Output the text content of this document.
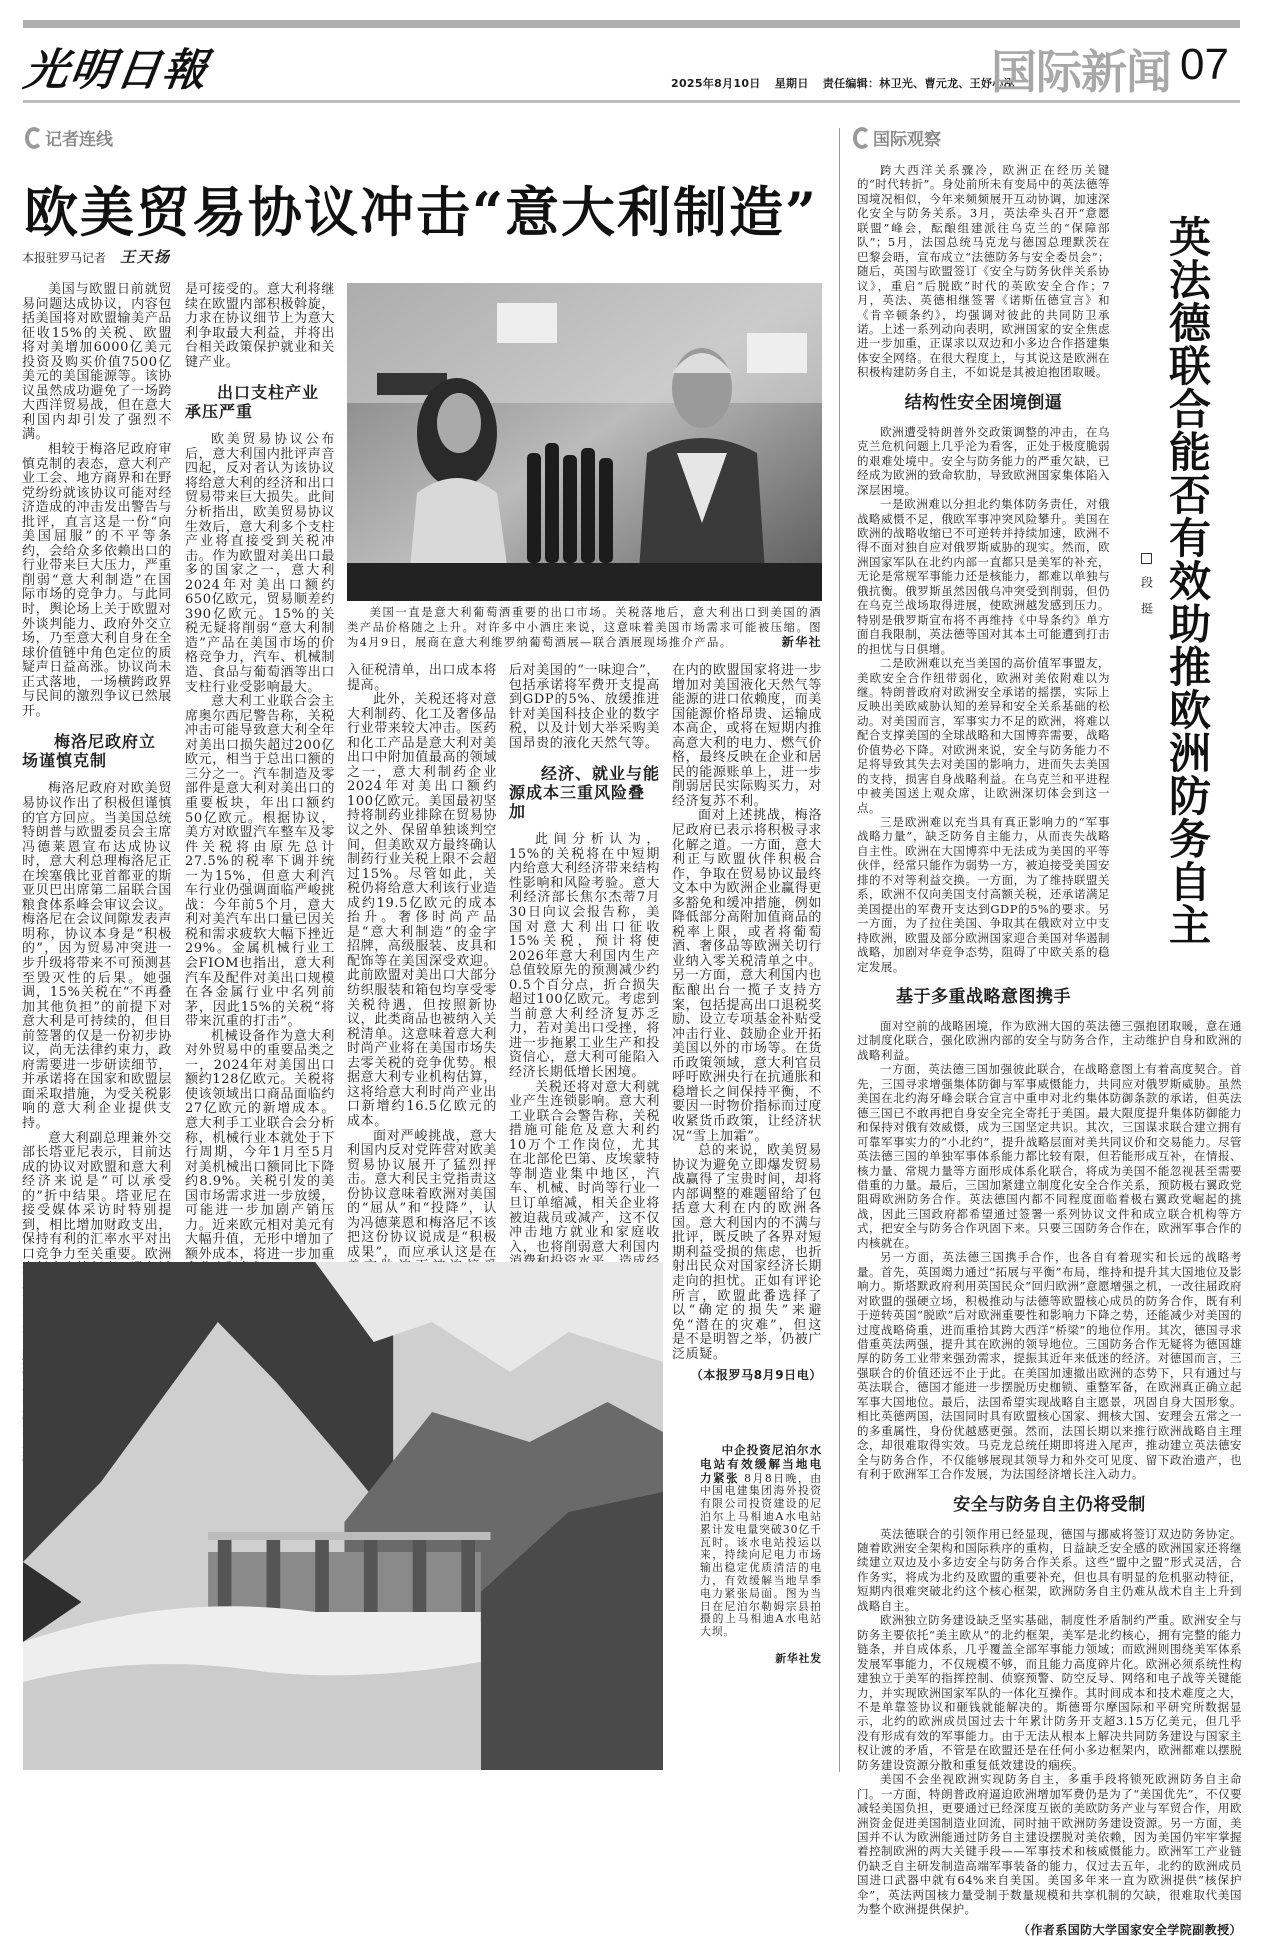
光明日報	2025年8月10日 星期日 责任编辑：林卫光、曹元龙、王妤心泓
国际新闻 07
记者连线	国际观察
欧美贸易协议冲击“意大利制造”
本报驻罗马记者 王天扬
美国一直是意大利葡萄酒重要的出口市场。关税落地后，意大利出口到美国的酒类产品价格随之上升。对许多中小酒庄来说，这意味着美国市场需求可能被压缩。图为4月9日，展商在意大利维罗纳葡萄酒展—联合酒展现场推介产品。	新华社

美国与欧盟日前就贸易问题达成协议，内容包括美国将对欧盟输美产品征收15%的关税、欧盟将对美增加6000亿美元投资及购买价值7500亿美元的美国能源等。该协议虽然成功避免了一场跨大西洋贸易战，但在意大利国内却引发了强烈不满。

相较于梅洛尼政府审慎克制的表态，意大利产业工会、地方商界和在野党纷纷就该协议可能对经济造成的冲击发出警告与批评，直言这是一份“向美国屈服”的不平等条约，会给众多依赖出口的行业带来巨大压力，严重削弱“意大利制造”在国际市场的竞争力。与此同时，舆论场上关于欧盟对外谈判能力、政府外交立场，乃至意大利自身在全球价值链中角色定位的质疑声日益高涨。协议尚未正式落地，一场横跨政界与民间的激烈争议已然展开。

梅洛尼政府立场谨慎克制

梅洛尼政府对欧美贸易协议作出了积极但谨慎的官方回应。当美国总统特朗普与欧盟委员会主席冯德莱恩宣布达成协议时，意大利总理梅洛尼正在埃塞俄比亚首都亚的斯亚贝巴出席第二届联合国粮食体系峰会审议会议。梅洛尼在会议间隙发表声明称，协议本身是“积极的”，因为贸易冲突进一步升级将带来不可预测甚至毁灭性的后果。她强调，15%关税在“不再叠加其他负担”的前提下对意大利是可持续的，但目前签署的仅是一份初步协议，尚无法律约束力，政府需要进一步研读细节，并承诺将在国家和欧盟层面采取措施，为受关税影响的意大利企业提供支持。

意大利副总理兼外交部长塔亚尼表示，目前达成的协议对欧盟和意大利经济来说是“可以承受的”折中结果。塔亚尼在接受媒体采访时特别提到，相比增加财政支出，保持有利的汇率水平对出口竞争力至关重要。欧洲

是可接受的。意大利将继续在欧盟内部积极斡旋，力求在协议细节上为意大利争取最大利益，并将出台相关政策保护就业和关键产业。

出口支柱产业承压严重

欧美贸易协议公布后，意大利国内批评声音四起，反对者认为该协议将给意大利的经济和出口贸易带来巨大损失。此间分析指出，欧美贸易协议生效后，意大利多个支柱产业将直接受到关税冲击。作为欧盟对美出口最多的国家之一，意大利2024年对美出口额约650亿欧元，贸易顺差约390亿欧元。15%的关税无疑将削弱“意大利制造”产品在美国市场的价格竞争力，汽车、机械制造、食品与葡萄酒等出口支柱行业受影响最大。

意大利工业联合会主席奥尔西尼警告称，关税冲击可能导致意大利全年对美出口损失超过200亿欧元，相当于总出口额的三分之一。汽车制造及零部件是意大利对美出口的重要板块，年出口额约50亿欧元。根据协议，美方对欧盟汽车整车及零件关税将由原先总计27.5%的税率下调并统一为15%，但意大利汽车行业仍强调面临严峻挑战：今年前5个月，意大利对美汽车出口量已因关税和需求疲软大幅下挫近29%。金属机械行业工会FIOM也指出，意大利汽车及配件对美出口规模在各金属行业中名列前茅，因此15%的关税“将带来沉重的打击”。

机械设备作为意大利对外贸易中的重要品类之一，2024年对美国出口额约128亿欧元。关税将使该领域出口商品面临约27亿欧元的新增成本。意大利手工业联合会分析称，机械行业本就处于下行周期，今年1月至5月对美机械出口额同比下降约8.9%。关税引发的美国市场需求进一步放缓，可能进一步加剧产销压力。近来欧元相对美元有大幅升值，无形中增加了额外成本，将进一步加重

入征税清单，出口成本将提高。

此外，关税还将对意大利制药、化工及奢侈品行业带来较大冲击。医药和化工产品是意大利对美出口中附加值最高的领域之一，意大利制药企业2024年对美出口额约100亿欧元。美国最初坚持将制药业排除在贸易协议之外、保留单独谈判空间，但美欧双方最终确认制药行业关税上限不会超过15%。尽管如此，关税仍将给意大利该行业造成约19.5亿欧元的成本抬升。奢侈时尚产品是“意大利制造”的金字招牌，高级服装、皮具和配饰等在美国深受欢迎。此前欧盟对美出口大部分纺织服装和箱包均享受零关税待遇，但按照新协议，此类商品也被纳入关税清单。这意味着意大利时尚产业将在美国市场失去零关税的竞争优势。根据意大利专业机构估算，这将给意大利时尚产业出口新增约16.5亿欧元的成本。

面对严峻挑战，意大利国内反对党阵营对欧美贸易协议展开了猛烈抨击。意大利民主党指责这份协议意味着欧洲对美国的“屈从”和“投降”，认为冯德莱恩和梅洛尼不该把这份协议说成是“积极成果”，而应承认这是在

后对美国的“一味迎合”，包括承诺将军费开支提高到GDP的5%、放缓推进针对美国科技企业的数字税，以及计划大举采购美国昂贵的液化天然气等。

经济、就业与能源成本三重风险叠加

此间分析认为，15%的关税将在中短期内给意大利经济带来结构性影响和风险考验。意大利经济部长焦尔杰蒂7月30日向议会报告称，美国对意大利出口征收15%关税，预计将使2026年意大利国内生产总值较原先的预测减少约0.5个百分点，折合损失超过100亿欧元。考虑到当前意大利经济复苏乏力，若对美出口受挫，将进一步拖累工业生产和投资信心，意大利可能陷入经济长期低增长困境。

关税还将对意大利就业产生连锁影响。意大利工业联合会警告称，关税措施可能危及意大利约10万个工作岗位，尤其在北部伦巴第、皮埃蒙特等制造业集中地区，汽车、机械、时尚等行业一旦订单缩减，相关企业将被迫裁员或减产，这不仅冲击地方就业和家庭收入，也将削弱意大利国内

在内的欧盟国家将进一步增加对美国液化天然气等能源的进口依赖度，而美国能源价格昂贵、运输成本高企，或将在短期内推高意大利的电力、燃气价格，最终反映在企业和居民的能源账单上，进一步削弱居民实际购买力，对经济复苏不利。

面对上述挑战，梅洛尼政府已表示将积极寻求化解之道。一方面，意大利正与欧盟伙伴积极合作，争取在贸易协议最终文本中为欧洲企业赢得更多豁免和缓冲措施，例如降低部分高附加值商品的税率上限，或者将葡萄酒、奢侈品等欧洲关切行业纳入零关税清单之中。另一方面，意大利国内也酝酿出台一揽子支持方案，包括提高出口退税奖励、设立专项基金补贴受冲击行业、鼓励企业开拓美国以外的市场等。在货币政策领域，意大利官员呼吁欧洲央行在抗通胀和稳增长之间保持平衡，不要因一时物价指标而过度收紧货币政策，让经济状况“雪上加霜”。

总的来说，欧美贸易协议为避免立即爆发贸易战赢得了宝贵时间，却将内部调整的难题留给了包括意大利在内的欧洲各国。意大利国内的不满与批评，既反映了各界对短期利益受损的焦虑，也折射出民众对国家经济长期走向的担忧。正如有评论所言，欧盟此番选择了以“确定的损失”来避免“潜在的灾难”，但这是不是明智之举，仍被广泛质疑。

（本报罗马8月9日电）

中企投资尼泊尔水电站有效缓解当地电力紧张 8月8日晚，由中国电建集团海外投资有限公司投资建设的尼泊尔上马相迪A水电站累计发电量突破30亿千瓦时。该水电站投运以来，持续向尼电力市场输出稳定优质清洁的电力，有效缓解当地旱季电力紧张局面。图为当日在尼泊尔勒姆宗县拍摄的上马相迪A水电站大坝。
新华社发
段挺 英法德联合能否有效助推欧洲防务自主

跨大西洋关系骤冷，欧洲正在经历关键的“时代转折”。身处前所未有变局中的英法德等国境况相似，今年来频频展开互动协调，加速深化安全与防务关系。3月，英法牵头召开“意愿联盟”峰会，酝酿组建派往乌克兰的“保障部队”；5月，法国总统马克龙与德国总理默茨在巴黎会晤，宣布成立“法德防务与安全委员会”；随后，英国与欧盟签订《安全与防务伙伴关系协议》，重启“后脱欧”时代的英欧安全合作；7月，英法、英德相继签署《诺斯伍德宣言》和《肯辛顿条约》，均强调对彼此的共同防卫承诺。上述一系列动向表明，欧洲国家的安全焦虑进一步加重，正谋求以双边和小多边合作搭建集体安全网络。在很大程度上，与其说这是欧洲在积极构建防务自主，不如说是其被迫抱团取暖。

结构性安全困境倒逼

欧洲遭受特朗普外交政策调整的冲击，在乌克兰危机问题上几乎沦为看客，正处于极度脆弱的艰难处境中。安全与防务能力的严重欠缺，已经成为欧洲的致命软肋，导致欧洲国家集体陷入深层困境。

一是欧洲难以分担北约集体防务责任，对俄战略威慑不足，俄欧军事冲突风险攀升。美国在欧洲的战略收缩已不可逆转并持续加速，欧洲不得不面对独自应对俄罗斯威胁的现实。然而，欧洲国家军队在北约内部一直都只是美军的补充，无论是常规军事能力还是核能力，都难以单独与俄抗衡。俄罗斯虽然因俄乌冲突受到削弱，但仍在乌克兰战场取得进展，使欧洲越发感到压力。特别是俄罗斯宣布将不再维持《中导条约》单方面自我限制，英法德等国对其本土可能遭到打击的担忧与日俱增。

二是欧洲难以充当美国的高价值军事盟友，美欧安全合作纽带弱化，欧洲对美依附难以为继。特朗普政府对欧洲安全承诺的摇摆，实际上反映出美欧威胁认知的差异和安全关系基础的松动。对美国而言，军事实力不足的欧洲，将难以配合支撑美国的全球战略和大国博弈需要，战略价值势必下降。对欧洲来说，安全与防务能力不足将导致其失去对美国的影响力，进而失去美国的支持，损害自身战略利益。在乌克兰和平进程中被美国送上观众席，让欧洲深切体会到这一点。

三是欧洲难以充当具有真正影响力的“军事战略力量”，缺乏防务自主能力，从而丧失战略自主性。欧洲在大国博弈中无法成为美国的平等伙伴，经常只能作为弱势一方，被迫接受美国安排的不对等利益交换。一方面，为了维持联盟关系，欧洲不仅向美国支付高额关税，还承诺满足美国提出的军费开支达到GDP的5%的要求。另一方面，为了拉住美国、争取其在俄欧对立中支持欧洲，欧盟及部分欧洲国家迎合美国对华遏制战略，加剧对华竞争态势，阻碍了中欧关系的稳定发展。

基于多重战略意图携手

面对空前的战略困境，作为欧洲大国的英法德三强抱团取暖，意在通过制度化联合，强化欧洲内部的安全与防务合作，主动维护自身和欧洲的战略利益。

一方面，英法德三国加强彼此联合，在战略意图上有着高度契合。首先，三国寻求增强集体防御与军事威慑能力，共同应对俄罗斯威胁。虽然美国在北约海牙峰会联合宣言中重申对北约集体防御条款的承诺，但英法德三国已不敢再把自身安全完全寄托于美国。最大限度提升集体防御能力和保持对俄有效威慑，成为三国坚定共识。其次，三国谋求联合建立拥有可靠军事实力的“小北约”，提升战略层面对美共同议价和交易能力。尽管英法德三国的单独军事体系能力都比较有限，但若能形成互补，在情报、核力量、常规力量等方面形成体系化联合，将成为美国不能忽视甚至需要借重的力量。最后，三国加紧建立制度化安全合作关系，预防极右翼政党阻碍欧洲防务合作。英法德国内都不同程度面临着极右翼政党崛起的挑战，因此三国政府都希望通过签署一系列协议文件和成立联合机构等方式，把安全与防务合作巩固下来。只要三国防务合作在，欧洲军事合作的内核就在。

另一方面，英法德三国携手合作，也各自有着现实和长远的战略考量。首先，英国竭力通过“拓展与平衡”布局，维持和提升其大国地位及影响力。斯塔默政府利用英国民众“回归欧洲”意愿增强之机，一改往届政府对欧盟的强硬立场，积极推动与法德等欧盟核心成员的防务合作，既有利于逆转英国“脱欧”后对欧洲重要性和影响力下降之势，还能减少对美国的过度战略倚重，进而重拾其跨大西洋“桥梁”的地位作用。其次，德国寻求借重英法两强，提升其在欧洲的领导地位。三国防务合作无疑将为德国雄厚的防务工业带来强劲需求，提振其近年来低迷的经济。对德国而言，三强联合的价值还远不止于此。在美国加速撤出欧洲的态势下，只有通过与英法联合，德国才能进一步摆脱历史枷锁、重整军备，在欧洲真正确立起军事大国地位。最后，法国希望实现战略自主愿景，巩固自身大国形象。相比英德两国，法国同时具有欧盟核心国家、拥核大国、安理会五常之一的多重属性，身份优越感更强。然而，法国长期以来推行欧洲战略自主理念，却很难取得实效。马克龙总统任期即将进入尾声，推动建立英法德安全与防务合作，不仅能够展现其领导力和外交可见度、留下政治遗产，也有利于欧洲军工合作发展，为法国经济增长注入动力。

安全与防务自主仍将受制

英法德联合的引领作用已经显现，德国与挪威将签订双边防务协定。随着欧洲安全架构和国际秩序的重构，日益缺乏安全感的欧洲国家还将继续建立双边及小多边安全与防务合作关系。这些“盟中之盟”形式灵活，合作务实，将成为北约及欧盟的重要补充，但也具有明显的危机驱动特征，短期内很难突破北约这个核心框架，欧洲防务自主仍难从战术自主上升到战略自主。

欧洲独立防务建设缺乏坚实基础，制度性矛盾制约严重。欧洲安全与防务主要依托“美主欧从”的北约框架，美军是北约核心，拥有完整的能力链条，并自成体系，几乎覆盖全部军事能力领域；而欧洲则围绕美军体系发展军事能力，不仅规模不够，而且能力高度碎片化。欧洲必须系统性构建独立于美军的指挥控制、侦察预警、防空反导、网络和电子战等关键能力，并实现欧洲国家军队的一体化互操作。其时间成本和技术难度之大，不是单靠签协议和砸钱就能解决的。斯德哥尔摩国际和平研究所数据显示，北约的欧洲成员国过去十年累计防务开支超3.15万亿美元，但几乎没有形成有效的军事能力。由于无法从根本上解决共同防务建设与国家主权让渡的矛盾，不管是在欧盟还是在任何小多边框架内，欧洲都难以摆脱防务建设资源分散和重复低效建设的痼疾。

美国不会坐视欧洲实现防务自主，多重手段将锁死欧洲防务自主命门。一方面，特朗普政府逼迫欧洲增加军费仍是为了“美国优先”，不仅要减轻美国负担，更要通过已经深度互嵌的美欧防务产业与军贸合作，用欧洲资金促进美国制造业回流，同时抽干欧洲防务建设资源。另一方面，美国并不认为欧洲能通过防务自主建设摆脱对美依赖，因为美国仍牢牢掌握着控制欧洲的两大关键手段——军事技术和核威慑能力。欧洲军工产业链仍缺乏自主研发制造高端军事装备的能力，仅过去五年，北约的欧洲成员国进口武器中就有64%来自美国。美国多年来一直为欧洲提供“核保护伞”，英法两国核力量受制于数量规模和共享机制的欠缺，很难取代美国为整个欧洲提供保护。

（作者系国防大学国家安全学院副教授）
